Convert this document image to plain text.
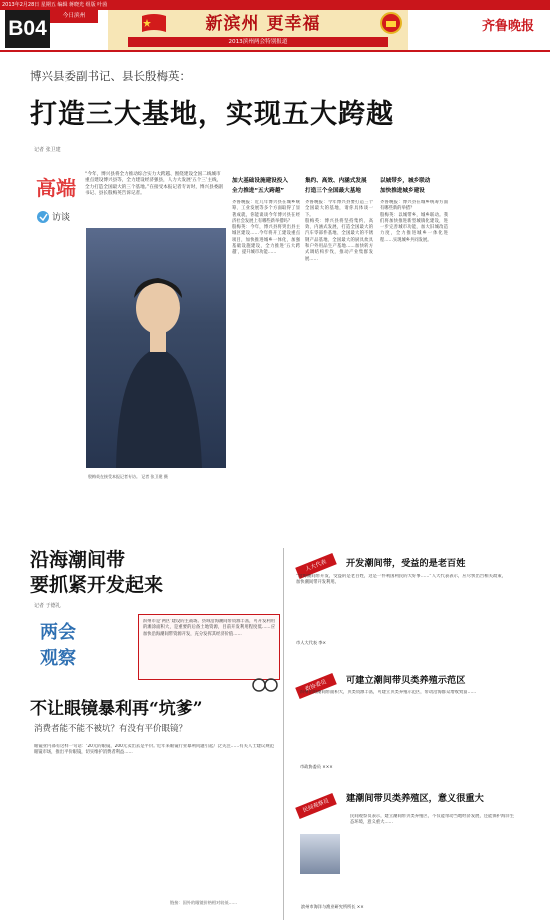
2013年2月28日 星期五 编辑 蒋晓光 组版 叶茵
B04
今日滨州	新滨州 更幸福
2013滨州两会特别报道
齐鲁晚报
博兴县委副书记、县长殷梅英：
打造三大基地，实现五大跨越
记者 张卫建
高端
访谈
“今年，博兴县将全力推动综合实力大跨越、围绕建设全国二线城市重点建设博兴县等，全力建设经济强县，人力大发展‘五个三’主线，全力打造全国最大的三个基地。”在接受本报记者专访时，博兴县委副书记、县长殷梅英告诉记者。
殷梅英在接受本报记者专访。 记者 张卫建 摄
加大基础设施建设投入
全力推进“五大跨越”
齐鲁晚报：近几年博兴县在城乡统筹、工业发展等多个方面取得了显著成就，你能谈谈今年博兴县在经济社会发展上有哪些新举措吗？
殷梅英：今年，博兴县将突出县主城区建设……今年将开工建设重点项目，加快推进城乡一体化，加强基础设施建设，全力推进‘五大跨越’，提升城市功能……
集约、高效、内涵式发展
打造三个全国最大基地
齐鲁晚报：今年博兴县要打造三个全国最大的基地，请你具体谈一下。
殷梅英：博兴县将坚持集约、高效、内涵式发展，打造全国最大的汽车零部件基地、全国最大的不锈钢产品基地、全国最大的厨具炊具和户外用品生产基地……加快转方式调结构步伐，推动产业集群发展……
以城带乡，城乡联动
加快推进城乡建设
齐鲁晚报：博兴县在城乡统筹方面有哪些新的举措？
殷梅英：以城带乡，城乡联动。我们将加快推进新型城镇化建设，进一步完善城市功能，加大旧城改造力度，全力推进城乡一体化进程……实现城乡共同发展。
沿海潮间带
要抓紧开发起来
记者 于德礼
两会
观察
滨州市是‘两区’建设的主战场。县域沿海潮间带资源丰富，可开发利用的滩涂面积大，是重要的后备土地资源，目前开发利用程度低……应加快沿海潮间带资源开发，充分发挥其经济价值……
不让眼镜暴利再“坑爹”
消费者能不能不被坑？有没有平价眼镜？
眼镜业内部有这样一句话：‘20元的眼镜，200元卖出去是平价。’近年来眼镜行业暴利问题引起广泛关注……有关人士建议规范眼镜市场，推出平价眼镜，切实维护消费者利益……
链接：国外的眼镜价格相对较低……
人大代表	开发潮间带，受益的是老百姓
“沿海潮间带开发，受益的是老百姓，这是一件利国利民的大好事……”人大代表表示，应尽快出台相关政策，加快潮间带开发利用。
市人大代表 李×
政协委员	可建立潮间带贝类养殖示范区
滨州沿海潮间带面积大，贝类资源丰富，可建立贝类养殖示范区，带动沿海群众增收致富……
市政协委员 ×××
民间观察员	建潮间带贝类养殖区，意义很重大
民间观察员表示，建立潮间带贝类养殖区，不仅能带动当地经济发展，还能保护海洋生态环境，意义重大……
滨州市海洋与渔业研究所所长 ××
